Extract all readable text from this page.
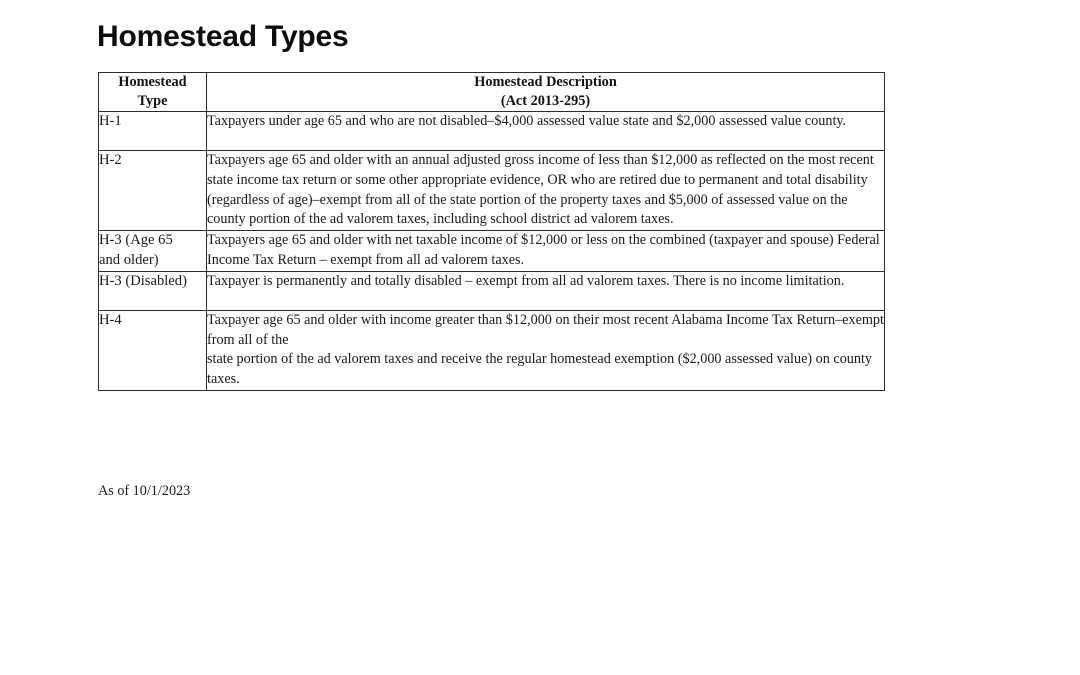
Homestead Types
Homestead
Type	Homestead Description
(Act 2013-295)

H-1	Taxpayers under age 65 and who are not disabled–$4,000 assessed value state and $2,000 assessed value county.

H-2	Taxpayers age 65 and older with an annual adjusted gross income of less than $12,000 as reflected on the most recent state income tax return or some other appropriate evidence, OR who are retired due to permanent and total disability (regardless of age)–exempt from all of the state portion of the property taxes and $5,000 of assessed value on the county portion of the ad valorem taxes, including school district ad valorem taxes.

H-3 (Age 65
and older)	Taxpayers age 65 and older with net taxable income of $12,000 or less on the combined (taxpayer and spouse) Federal Income Tax Return – exempt from all ad valorem taxes.

H-3 (Disabled)	Taxpayer is permanently and totally disabled – exempt from all ad valorem taxes. There is no income limitation.

H-4	Taxpayer age 65 and older with income greater than $12,000 on their most recent Alabama Income Tax Return–exempt from all of the

state portion of the ad valorem taxes and receive the regular homestead exemption ($2,000 assessed value) on county taxes.

As of 10/1/2023
